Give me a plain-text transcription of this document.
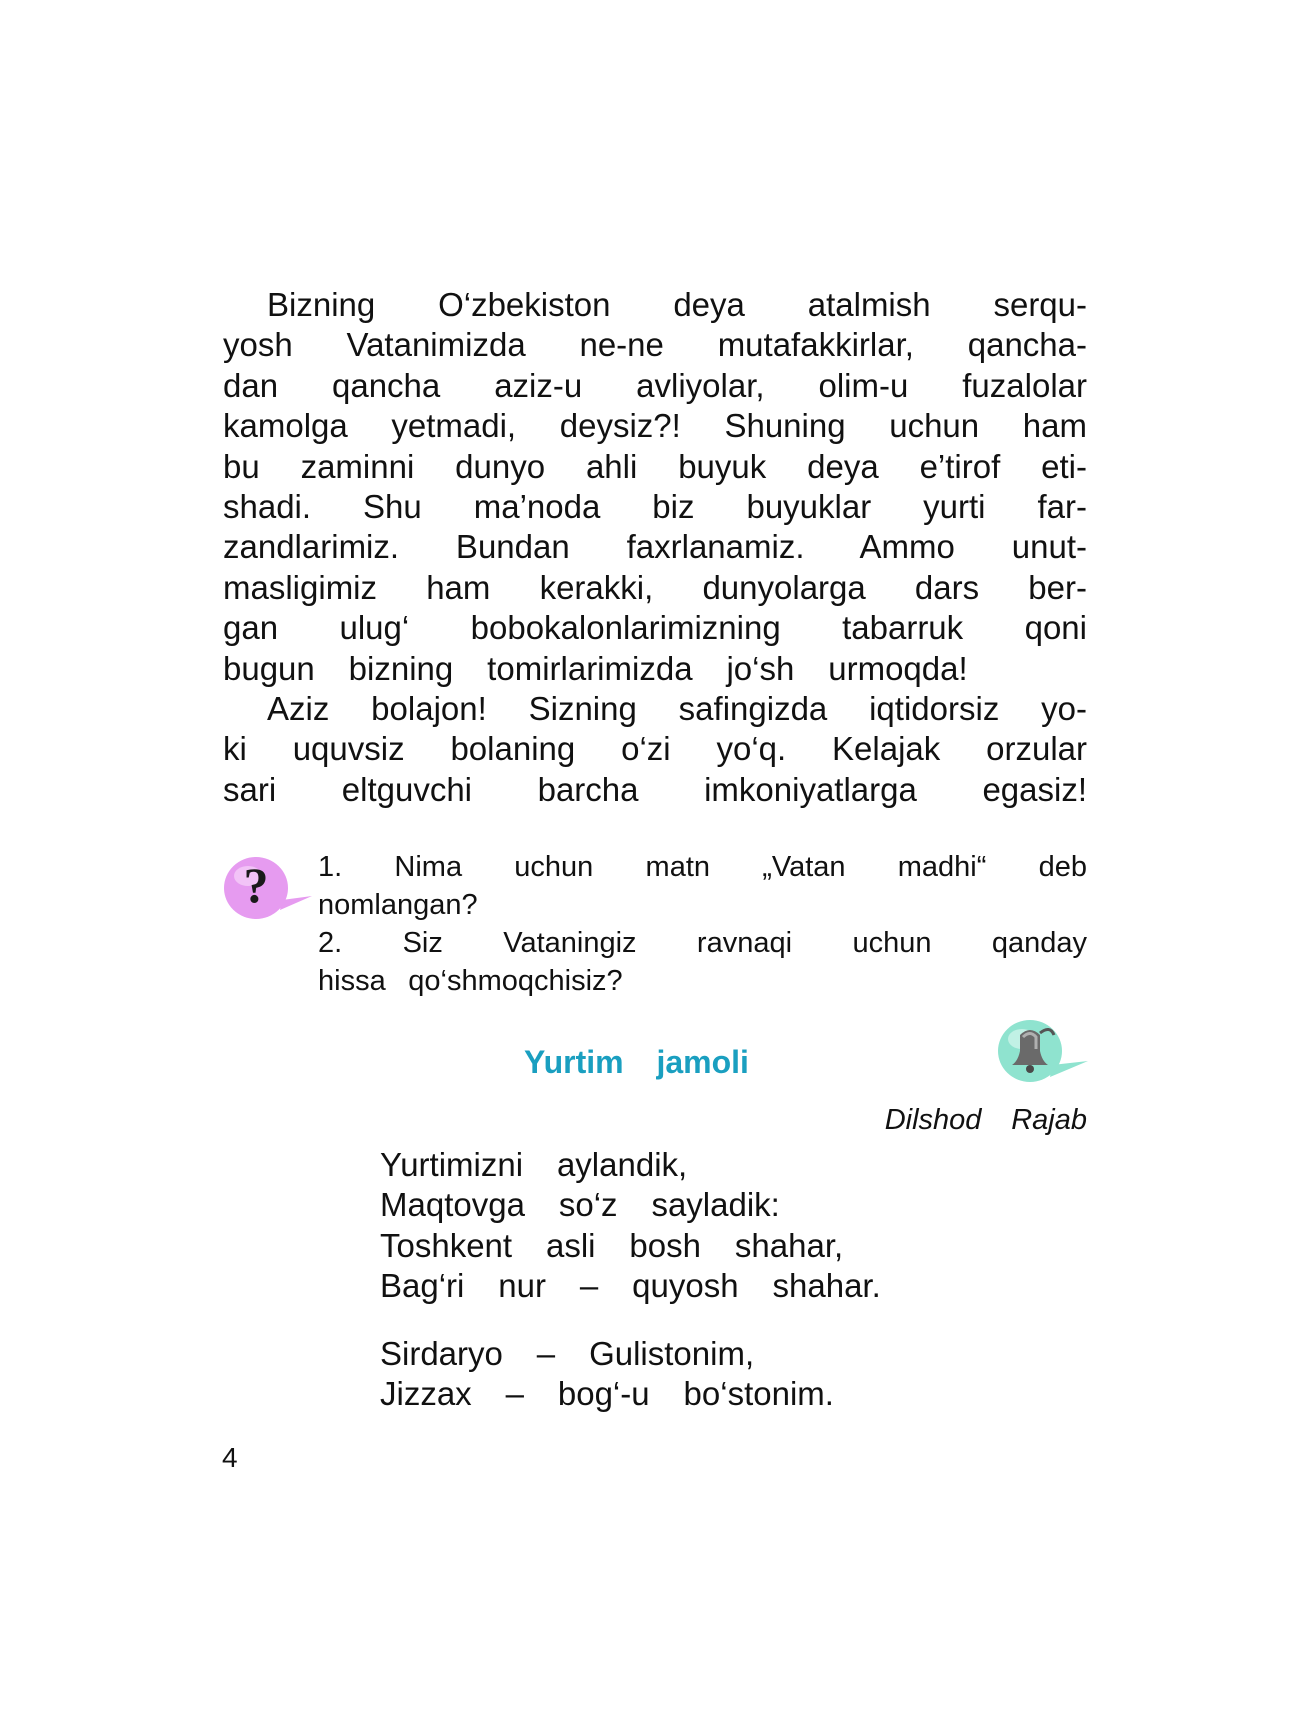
Bizning O‘zbekiston deya atalmish serqu-
yosh Vatanimizda ne-ne mutafakkirlar, qancha-
dan qancha aziz-u avliyolar, olim-u fuzalolar
kamolga yetmadi, deysiz?! Shuning uchun ham
bu zaminni dunyo ahli buyuk deya e’tirof eti-
shadi. Shu ma’noda biz buyuklar yurti far-
zandlarimiz. Bundan faxrlanamiz. Ammo unut-
masligimiz ham kerakki, dunyolarga dars ber-
gan ulug‘ bobokalonlarimizning tabarruk qoni
bugun bizning tomirlarimizda jo‘sh urmoqda!
Aziz bolajon! Sizning safingizda iqtidorsiz yo-
ki uquvsiz bolaning o‘zi yo‘q. Kelajak orzular
sari eltguvchi barcha imkoniyatlarga egasiz!
? 1. Nima uchun matn „Vatan madhi“ deb
nomlangan?
2. Siz Vataningiz ravnaqi uchun qanday
hissa qo‘shmoqchisiz?
Yurtim jamoli
Dilshod Rajab
Yurtimizni aylandik,
Maqtovga so‘z sayladik:
Toshkent asli bosh shahar,
Bag‘ri nur – quyosh shahar.
Sirdaryo – Gulistonim,
Jizzax – bog‘-u bo‘stonim.
4
